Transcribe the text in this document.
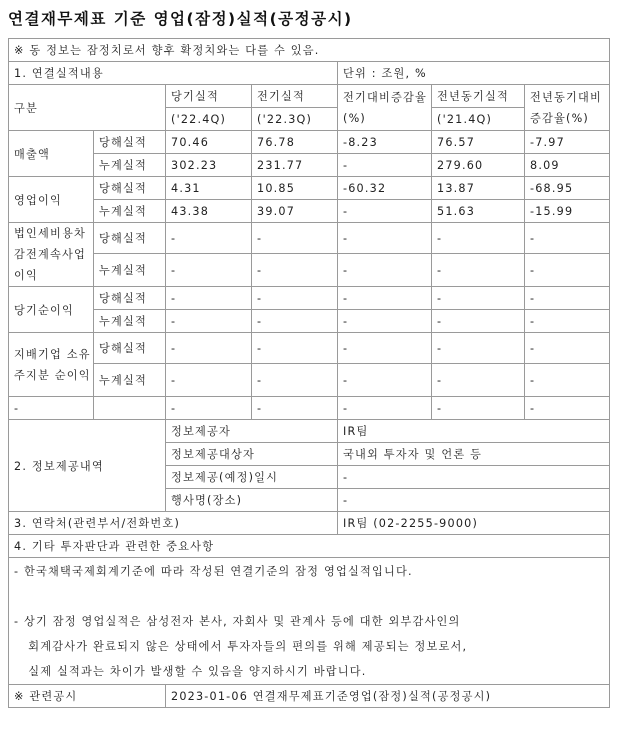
연결재무제표 기준 영업(잠정)실적(공정공시)
※ 동 정보는 잠정치로서 향후 확정치와는 다를 수 있음.						
1. 연결실적내용				단위 : 조원, %		
구분		당기실적	전기실적	전기대비증감율(%)	전년동기실적	전년동기대비증감율(%)
		('22.4Q)	('22.3Q)		('21.4Q)	
매출액	당해실적	70.46	76.78	-8.23	76.57	-7.97
	누계실적	302.23	231.77	-	279.60	8.09
영업이익	당해실적	4.31	10.85	-60.32	13.87	-68.95
	누계실적	43.38	39.07	-	51.63	-15.99
법인세비용차감전계속사업이익	당해실적	-	-	-	-	-
	누계실적	-	-	-	-	-
당기순이익	당해실적	-	-	-	-	-
	누계실적	-	-	-	-	-
지배기업 소유주지분 순이익	당해실적	-	-	-	-	-
	누계실적	-	-	-	-	-
-		-	-	-	-	-
2. 정보제공내역		정보제공자		IR팀		
		정보제공대상자		국내외 투자자 및 언론 등		
		정보제공(예정)일시		-		
		행사명(장소)		-		
3. 연락처(관련부서/전화번호)				IR팀 (02-2255-9000)		
4. 기타 투자판단과 관련한 중요사항						
- 한국채택국제회계기준에 따라 작성된 연결기준의 잠정 영업실적입니다.

- 상기 잠정 영업실적은 삼성전자 본사, 자회사 및 관계사 등에 대한 외부감사인의
회계감사가 완료되지 않은 상태에서 투자자들의 편의를 위해 제공되는 정보로서,
실제 실적과는 차이가 발생할 수 있음을 양지하시기 바랍니다.						
※ 관련공시		2023-01-06 연결재무제표기준영업(잠정)실적(공정공시)				
